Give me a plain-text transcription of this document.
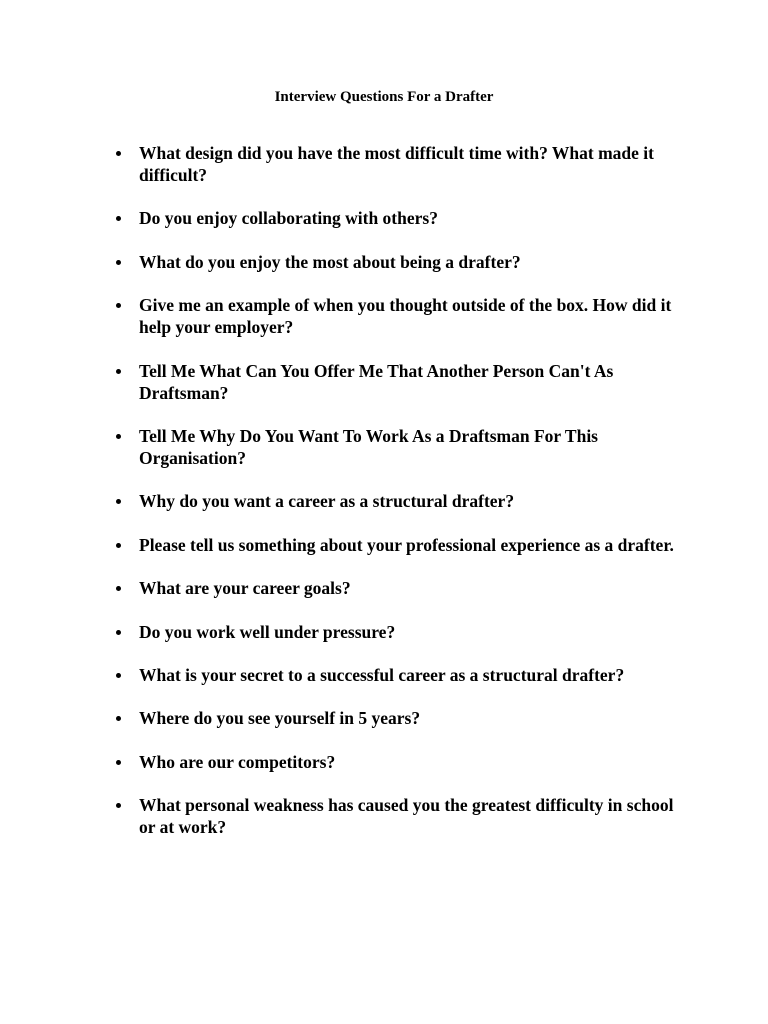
Interview Questions For a Drafter
What design did you have the most difficult time with? What made it difficult?
Do you enjoy collaborating with others?
What do you enjoy the most about being a drafter?
Give me an example of when you thought outside of the box. How did it help your employer?
Tell Me What Can You Offer Me That Another Person Can't As Draftsman?
Tell Me Why Do You Want To Work As a Draftsman For This Organisation?
Why do you want a career as a structural drafter?
Please tell us something about your professional experience as a drafter.
What are your career goals?
Do you work well under pressure?
What is your secret to a successful career as a structural drafter?
Where do you see yourself in 5 years?
Who are our competitors?
What personal weakness has caused you the greatest difficulty in school or at work?
